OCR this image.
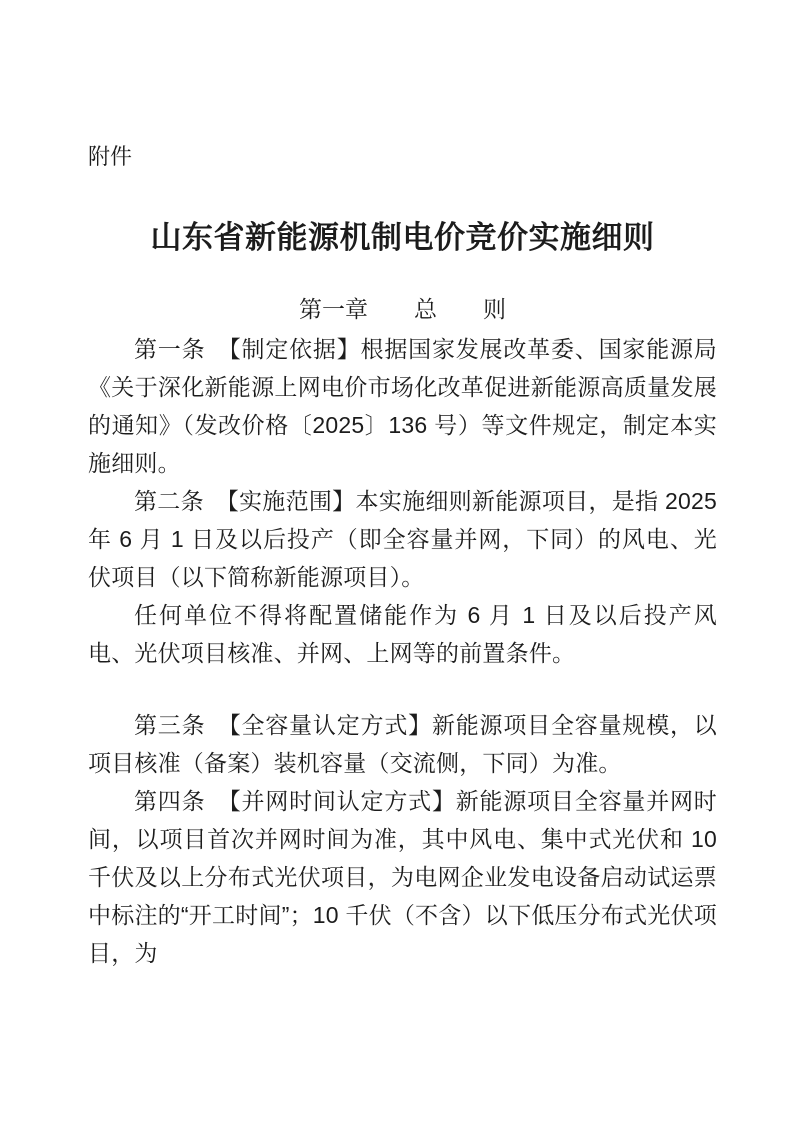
附件
山东省新能源机制电价竞价实施细则
第一章　　总　　则

第一条　【制定依据】根据国家发展改革委、国家能源局《关于深化新能源上网电价市场化改革促进新能源高质量发展的通知》（发改价格〔2025〕136 号）等文件规定，制定本实施细则。

第二条　【实施范围】本实施细则新能源项目，是指 2025 年 6 月 1 日及以后投产（即全容量并网，下同）的风电、光伏项目（以下简称新能源项目）。

任何单位不得将配置储能作为 6 月 1 日及以后投产风电、光伏项目核准、并网、上网等的前置条件。

第三条　【全容量认定方式】新能源项目全容量规模，以项目核准（备案）装机容量（交流侧，下同）为准。

第四条　【并网时间认定方式】新能源项目全容量并网时间，以项目首次并网时间为准，其中风电、集中式光伏和 10 千伏及以上分布式光伏项目，为电网企业发电设备启动试运票中标注的“开工时间”；10 千伏（不含）以下低压分布式光伏项目，为
